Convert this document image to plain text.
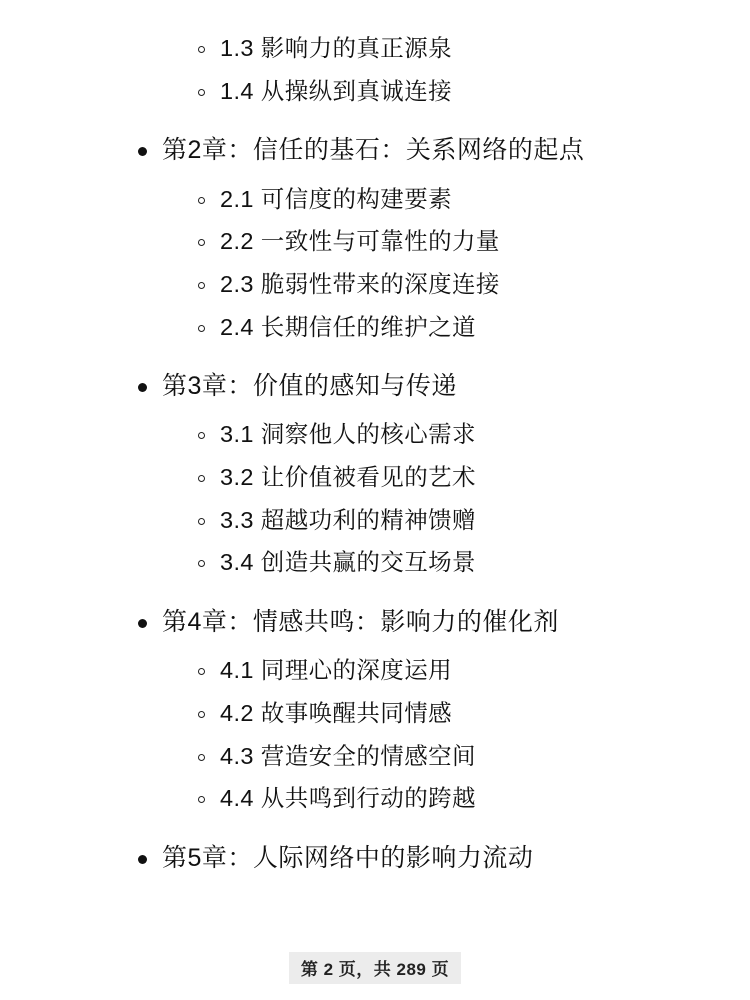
1.3 影响力的真正源泉
1.4 从操纵到真诚连接
第2章：信任的基石：关系网络的起点
2.1 可信度的构建要素
2.2 一致性与可靠性的力量
2.3 脆弱性带来的深度连接
2.4 长期信任的维护之道
第3章：价值的感知与传递
3.1 洞察他人的核心需求
3.2 让价值被看见的艺术
3.3 超越功利的精神馈赠
3.4 创造共赢的交互场景
第4章：情感共鸣：影响力的催化剂
4.1 同理心的深度运用
4.2 故事唤醒共同情感
4.3 营造安全的情感空间
4.4 从共鸣到行动的跨越
第5章：人际网络中的影响力流动
第 2 页，共 289 页
